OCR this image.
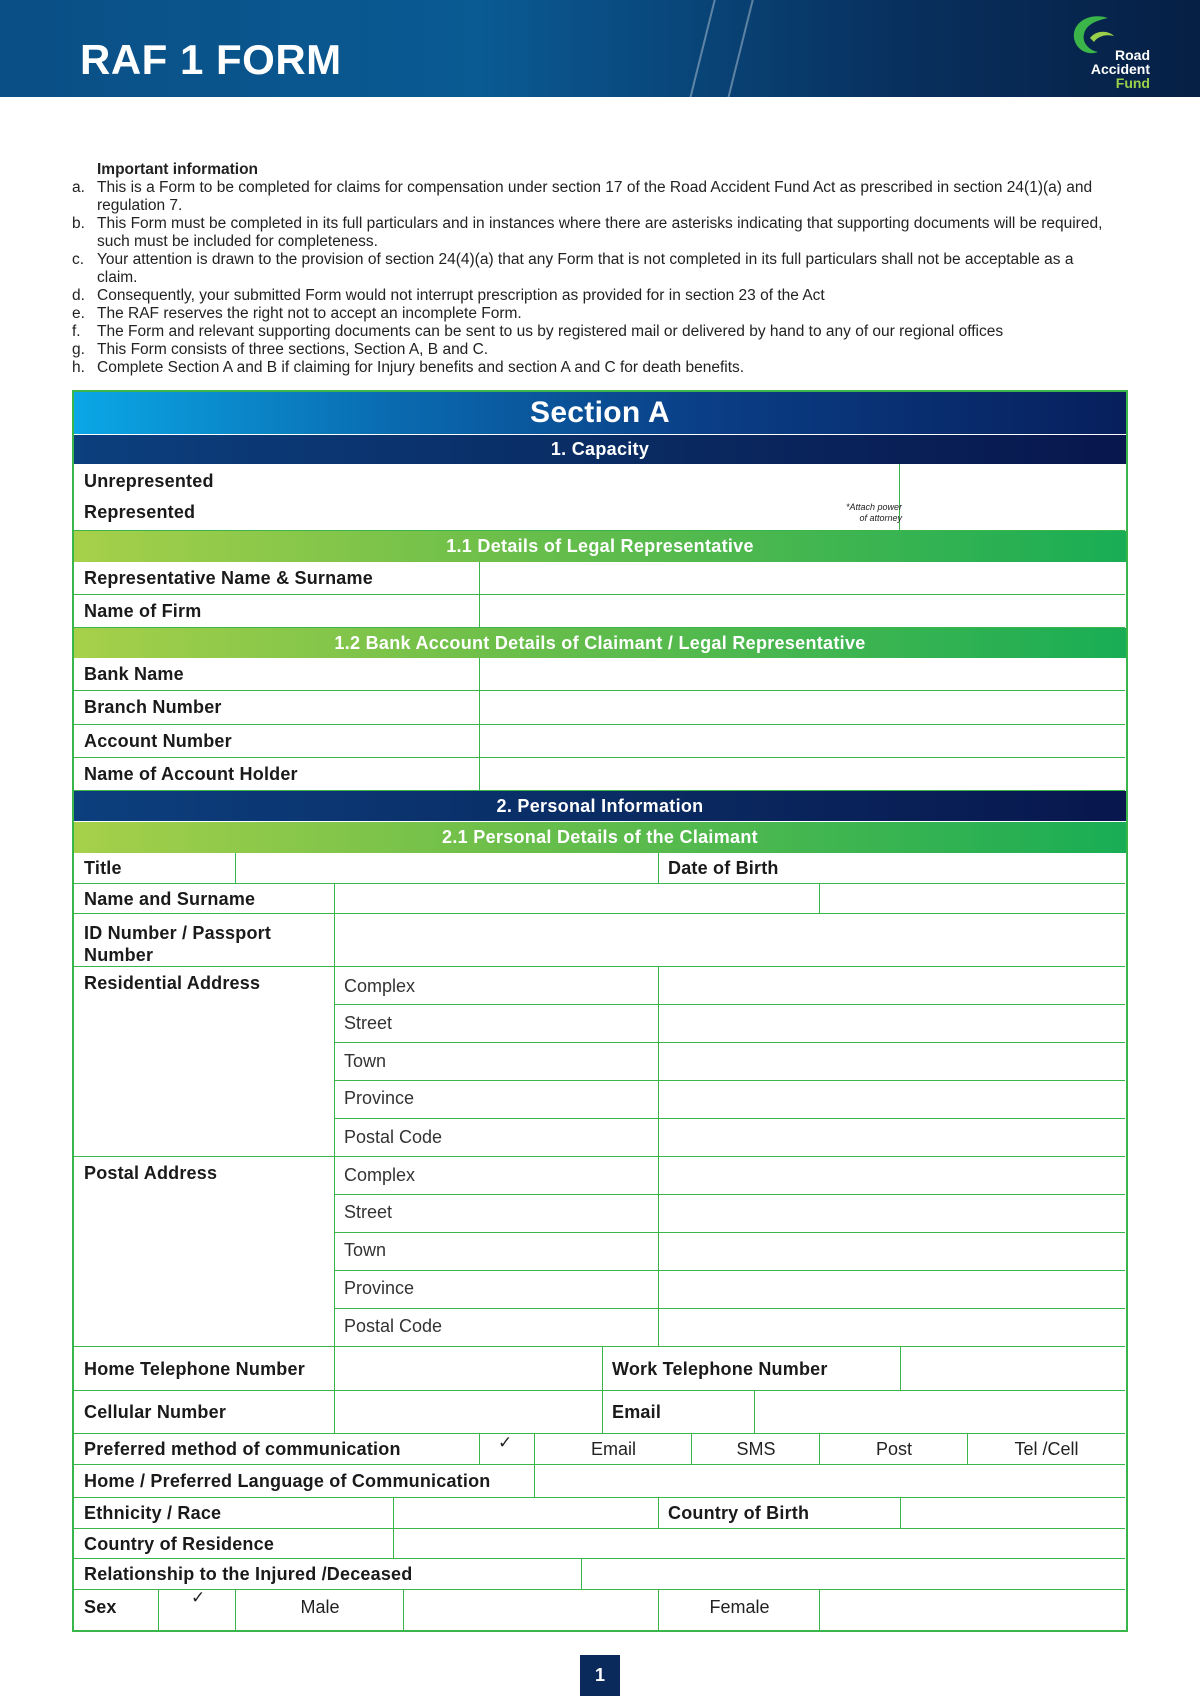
RAF 1 FORM	Road
Accident
Fund
Important information
a. This is a Form to be completed for claims for compensation under section 17 of the Road Accident Fund Act as prescribed in section 24(1)(a) and regulation 7.
b. This Form must be completed in its full particulars and in instances where there are asterisks indicating that supporting documents will be required, such must be included for completeness.
c. Your attention is drawn to the provision of section 24(4)(a) that any Form that is not completed in its full particulars shall not be acceptable as a claim.
d. Consequently, your submitted Form would not interrupt prescription as provided for in section 23 of the Act
e. The RAF reserves the right not to accept an incomplete Form.
f. The Form and relevant supporting documents can be sent to us by registered mail or delivered by hand to any of our regional offices
g. This Form consists of three sections, Section A, B and C.
h. Complete Section A and B if claiming for Injury benefits and section A and C for death benefits.
Section A
1. Capacity
Unrepresented
Represented	*Attach power
of attorney
1.1 Details of Legal Representative
Representative Name & Surname
Name of Firm
1.2 Bank Account Details of Claimant / Legal Representative
Bank Name
Branch Number
Account Number
Name of Account Holder
2. Personal Information
2.1 Personal Details of the Claimant
Title	Date of Birth
Name and Surname
ID Number / Passport
Number
Residential Address	Complex
Street
Town
Province
Postal Code
Postal Address	Complex
Street
Town
Province
Postal Code
Home Telephone Number	Work Telephone Number
Cellular Number	Email
Preferred method of communication	✓	Email	SMS	Post	Tel /Cell
Home / Preferred Language of Communication
Ethnicity / Race	Country of Birth
Country of Residence
Relationship to the Injured /Deceased
Sex	✓	Male	Female
1
